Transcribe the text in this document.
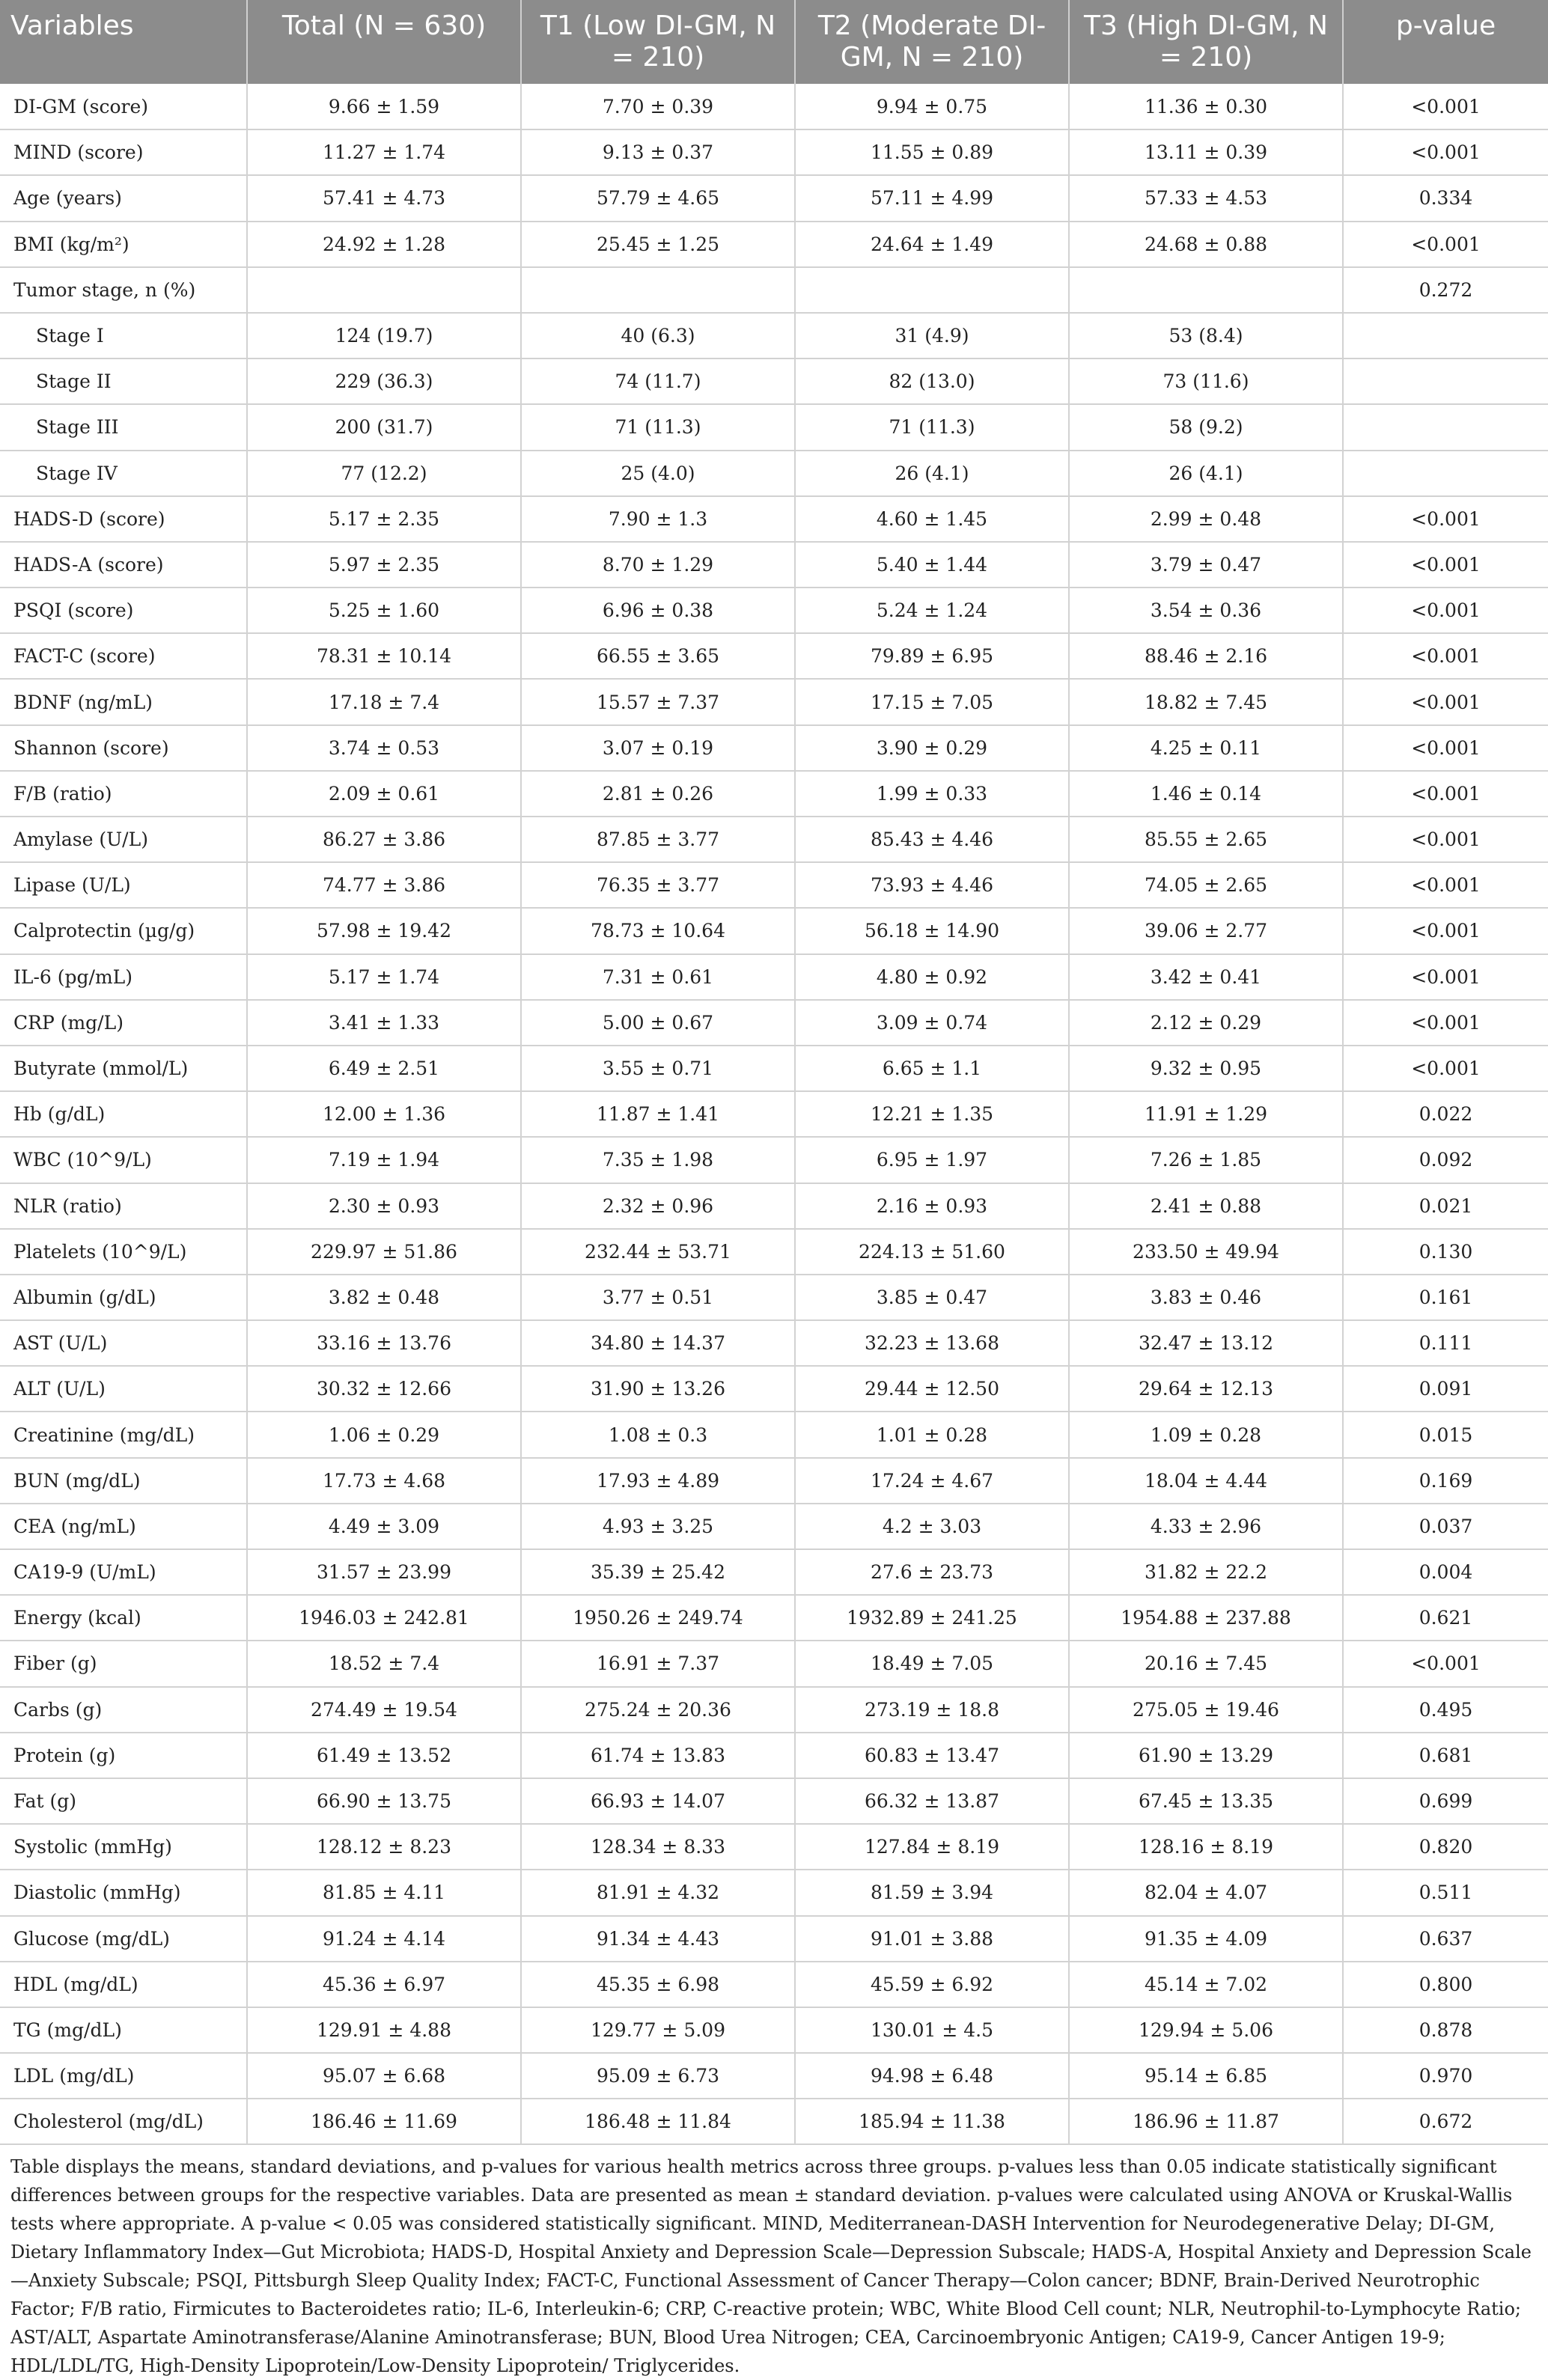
Variables	Total (N = 630)	T1 (Low DI-GM, N = 210)	T2 (Moderate DI-GM, N = 210)	T3 (High DI-GM, N = 210)	p-value
DI-GM (score)	9.66 ± 1.59	7.70 ± 0.39	9.94 ± 0.75	11.36 ± 0.30	<0.001
MIND (score)	11.27 ± 1.74	9.13 ± 0.37	11.55 ± 0.89	13.11 ± 0.39	<0.001
Age (years)	57.41 ± 4.73	57.79 ± 4.65	57.11 ± 4.99	57.33 ± 4.53	0.334
BMI (kg/m²)	24.92 ± 1.28	25.45 ± 1.25	24.64 ± 1.49	24.68 ± 0.88	<0.001
Tumor stage, n (%)					0.272
Stage I	124 (19.7)	40 (6.3)	31 (4.9)	53 (8.4)	
Stage II	229 (36.3)	74 (11.7)	82 (13.0)	73 (11.6)	
Stage III	200 (31.7)	71 (11.3)	71 (11.3)	58 (9.2)	
Stage IV	77 (12.2)	25 (4.0)	26 (4.1)	26 (4.1)	
HADS-D (score)	5.17 ± 2.35	7.90 ± 1.3	4.60 ± 1.45	2.99 ± 0.48	<0.001
HADS-A (score)	5.97 ± 2.35	8.70 ± 1.29	5.40 ± 1.44	3.79 ± 0.47	<0.001
PSQI (score)	5.25 ± 1.60	6.96 ± 0.38	5.24 ± 1.24	3.54 ± 0.36	<0.001
FACT-C (score)	78.31 ± 10.14	66.55 ± 3.65	79.89 ± 6.95	88.46 ± 2.16	<0.001
BDNF (ng/mL)	17.18 ± 7.4	15.57 ± 7.37	17.15 ± 7.05	18.82 ± 7.45	<0.001
Shannon (score)	3.74 ± 0.53	3.07 ± 0.19	3.90 ± 0.29	4.25 ± 0.11	<0.001
F/B (ratio)	2.09 ± 0.61	2.81 ± 0.26	1.99 ± 0.33	1.46 ± 0.14	<0.001
Amylase (U/L)	86.27 ± 3.86	87.85 ± 3.77	85.43 ± 4.46	85.55 ± 2.65	<0.001
Lipase (U/L)	74.77 ± 3.86	76.35 ± 3.77	73.93 ± 4.46	74.05 ± 2.65	<0.001
Calprotectin (µg/g)	57.98 ± 19.42	78.73 ± 10.64	56.18 ± 14.90	39.06 ± 2.77	<0.001
IL-6 (pg/mL)	5.17 ± 1.74	7.31 ± 0.61	4.80 ± 0.92	3.42 ± 0.41	<0.001
CRP (mg/L)	3.41 ± 1.33	5.00 ± 0.67	3.09 ± 0.74	2.12 ± 0.29	<0.001
Butyrate (mmol/L)	6.49 ± 2.51	3.55 ± 0.71	6.65 ± 1.1	9.32 ± 0.95	<0.001
Hb (g/dL)	12.00 ± 1.36	11.87 ± 1.41	12.21 ± 1.35	11.91 ± 1.29	0.022
WBC (10^9/L)	7.19 ± 1.94	7.35 ± 1.98	6.95 ± 1.97	7.26 ± 1.85	0.092
NLR (ratio)	2.30 ± 0.93	2.32 ± 0.96	2.16 ± 0.93	2.41 ± 0.88	0.021
Platelets (10^9/L)	229.97 ± 51.86	232.44 ± 53.71	224.13 ± 51.60	233.50 ± 49.94	0.130
Albumin (g/dL)	3.82 ± 0.48	3.77 ± 0.51	3.85 ± 0.47	3.83 ± 0.46	0.161
AST (U/L)	33.16 ± 13.76	34.80 ± 14.37	32.23 ± 13.68	32.47 ± 13.12	0.111
ALT (U/L)	30.32 ± 12.66	31.90 ± 13.26	29.44 ± 12.50	29.64 ± 12.13	0.091
Creatinine (mg/dL)	1.06 ± 0.29	1.08 ± 0.3	1.01 ± 0.28	1.09 ± 0.28	0.015
BUN (mg/dL)	17.73 ± 4.68	17.93 ± 4.89	17.24 ± 4.67	18.04 ± 4.44	0.169
CEA (ng/mL)	4.49 ± 3.09	4.93 ± 3.25	4.2 ± 3.03	4.33 ± 2.96	0.037
CA19-9 (U/mL)	31.57 ± 23.99	35.39 ± 25.42	27.6 ± 23.73	31.82 ± 22.2	0.004
Energy (kcal)	1946.03 ± 242.81	1950.26 ± 249.74	1932.89 ± 241.25	1954.88 ± 237.88	0.621
Fiber (g)	18.52 ± 7.4	16.91 ± 7.37	18.49 ± 7.05	20.16 ± 7.45	<0.001
Carbs (g)	274.49 ± 19.54	275.24 ± 20.36	273.19 ± 18.8	275.05 ± 19.46	0.495
Protein (g)	61.49 ± 13.52	61.74 ± 13.83	60.83 ± 13.47	61.90 ± 13.29	0.681
Fat (g)	66.90 ± 13.75	66.93 ± 14.07	66.32 ± 13.87	67.45 ± 13.35	0.699
Systolic (mmHg)	128.12 ± 8.23	128.34 ± 8.33	127.84 ± 8.19	128.16 ± 8.19	0.820
Diastolic (mmHg)	81.85 ± 4.11	81.91 ± 4.32	81.59 ± 3.94	82.04 ± 4.07	0.511
Glucose (mg/dL)	91.24 ± 4.14	91.34 ± 4.43	91.01 ± 3.88	91.35 ± 4.09	0.637
HDL (mg/dL)	45.36 ± 6.97	45.35 ± 6.98	45.59 ± 6.92	45.14 ± 7.02	0.800
TG (mg/dL)	129.91 ± 4.88	129.77 ± 5.09	130.01 ± 4.5	129.94 ± 5.06	0.878
LDL (mg/dL)	95.07 ± 6.68	95.09 ± 6.73	94.98 ± 6.48	95.14 ± 6.85	0.970
Cholesterol (mg/dL)	186.46 ± 11.69	186.48 ± 11.84	185.94 ± 11.38	186.96 ± 11.87	0.672
Table displays the means, standard deviations, and p-values for various health metrics across three groups. p-values less than 0.05 indicate statistically significant differences between groups for the respective variables. Data are presented as mean ± standard deviation. p-values were calculated using ANOVA or Kruskal-Wallis tests where appropriate. A p-value < 0.05 was considered statistically significant. MIND, Mediterranean-DASH Intervention for Neurodegenerative Delay; DI-GM, Dietary Inflammatory Index—Gut Microbiota; HADS-D, Hospital Anxiety and Depression Scale—Depression Subscale; HADS-A, Hospital Anxiety and Depression Scale—Anxiety Subscale; PSQI, Pittsburgh Sleep Quality Index; FACT-C, Functional Assessment of Cancer Therapy—Colon cancer; BDNF, Brain-Derived Neurotrophic Factor; F/B ratio, Firmicutes to Bacteroidetes ratio; IL-6, Interleukin-6; CRP, C-reactive protein; WBC, White Blood Cell count; NLR, Neutrophil-to-Lymphocyte Ratio; AST/ALT, Aspartate Aminotransferase/Alanine Aminotransferase; BUN, Blood Urea Nitrogen; CEA, Carcinoembryonic Antigen; CA19-9, Cancer Antigen 19-9; HDL/LDL/TG, High-Density Lipoprotein/Low-Density Lipoprotein/ Triglycerides.
